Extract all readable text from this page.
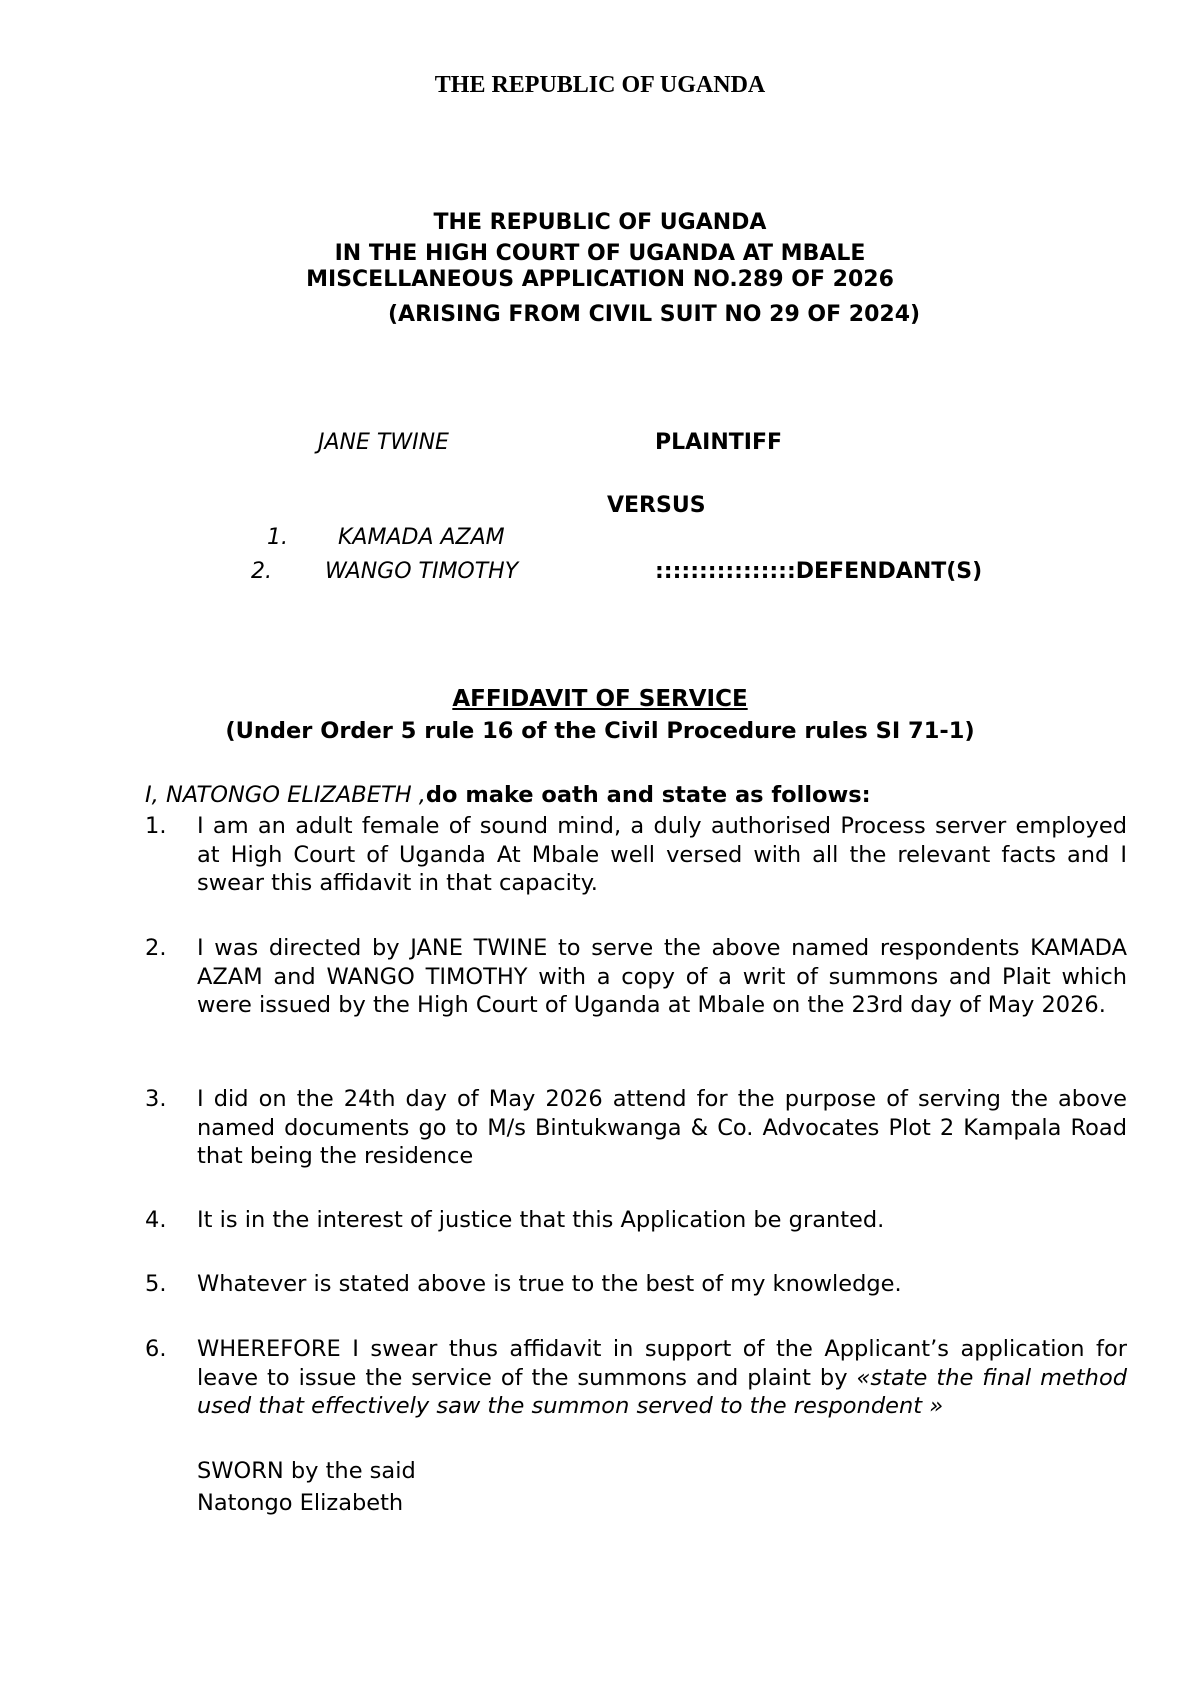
THE REPUBLIC OF UGANDA
THE REPUBLIC OF UGANDA
IN THE HIGH COURT OF UGANDA AT MBALE
MISCELLANEOUS APPLICATION NO.289 OF 2026
(ARISING FROM CIVIL SUIT NO 29 OF 2024)
JANE TWINE	PLAINTIFF
VERSUS
1. KAMADA AZAM
2. WANGO TIMOTHY	::::::::::::::::DEFENDANT(S)
AFFIDAVIT OF SERVICE
(Under Order 5 rule 16 of the Civil Procedure rules SI 71-1)
I, NATONGO ELIZABETH ,do make oath and state as follows:
1.	I am an adult female of sound mind, a duly authorised Process server employed at High Court of Uganda At Mbale well versed with all the relevant facts and I swear this affidavit in that capacity.
2.	I was directed by JANE TWINE to serve the above named respondents KAMADA AZAM and WANGO TIMOTHY with a copy of a writ of summons and Plait which were issued by the High Court of Uganda at Mbale on the 23rd day of May 2026.
3.	I did on the 24th day of May 2026 attend for the purpose of serving the above named documents go to M/s Bintukwanga & Co. Advocates Plot 2 Kampala Road that being the residence
4.	It is in the interest of justice that this Application be granted.
5.	Whatever is stated above is true to the best of my knowledge.
6.	WHEREFORE I swear thus affidavit in support of the Applicant’s application for leave to issue the service of the summons and plaint by «state the final method used that effectively saw the summon served to the respondent »
SWORN by the said
Natongo Elizabeth
